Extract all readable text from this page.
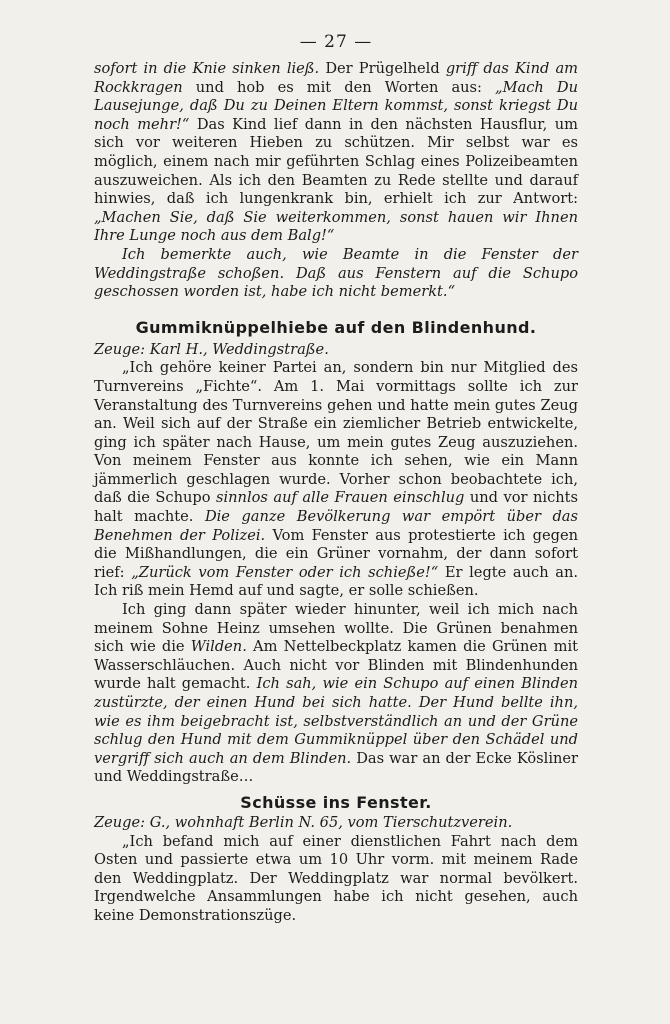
— 27 —

sofort in die Knie sinken ließ. Der Prügelheld griff das Kind am Rockkragen und hob es mit den Worten aus: „Mach Du Lausejunge, daß Du zu Deinen Eltern kommst, sonst kriegst Du noch mehr!“ Das Kind lief dann in den nächsten Hausflur, um sich vor weiteren Hieben zu schützen. Mir selbst war es möglich, einem nach mir geführten Schlag eines Polizeibeamten auszuweichen. Als ich den Beamten zu Rede stellte und darauf hinwies, daß ich lungenkrank bin, erhielt ich zur Antwort: „Machen Sie, daß Sie weiterkommen, sonst hauen wir Ihnen Ihre Lunge noch aus dem Balg!“

Ich bemerkte auch, wie Beamte in die Fenster der Weddingstraße schoßen. Daß aus Fenstern auf die Schupo geschossen worden ist, habe ich nicht bemerkt.“

Gummiknüppelhiebe auf den Blindenhund.

Zeuge: Karl H., Weddingstraße.

„Ich gehöre keiner Partei an, sondern bin nur Mitglied des Turnvereins „Fichte“. Am 1. Mai vormittags sollte ich zur Veranstaltung des Turnvereins gehen und hatte mein gutes Zeug an. Weil sich auf der Straße ein ziemlicher Betrieb entwickelte, ging ich später nach Hause, um mein gutes Zeug auszuziehen. Von meinem Fenster aus konnte ich sehen, wie ein Mann jämmerlich geschlagen wurde. Vorher schon beobachtete ich, daß die Schupo sinnlos auf alle Frauen einschlug und vor nichts halt machte. Die ganze Bevölkerung war empört über das Benehmen der Polizei. Vom Fenster aus protestierte ich gegen die Mißhandlungen, die ein Grüner vornahm, der dann sofort rief: „Zurück vom Fenster oder ich schieße!“ Er legte auch an. Ich riß mein Hemd auf und sagte, er solle schießen.

Ich ging dann später wieder hinunter, weil ich mich nach meinem Sohne Heinz umsehen wollte. Die Grünen benahmen sich wie die Wilden. Am Nettelbeckplatz kamen die Grünen mit Wasserschläuchen. Auch nicht vor Blinden mit Blindenhunden wurde halt gemacht. Ich sah, wie ein Schupo auf einen Blinden zustürzte, der einen Hund bei sich hatte. Der Hund bellte ihn, wie es ihm beigebracht ist, selbstverständlich an und der Grüne schlug den Hund mit dem Gummiknüppel über den Schädel und vergriff sich auch an dem Blinden. Das war an der Ecke Kösliner und Weddingstraße…

Schüsse ins Fenster.

Zeuge: G., wohnhaft Berlin N. 65, vom Tierschutzverein.

„Ich befand mich auf einer dienstlichen Fahrt nach dem Osten und passierte etwa um 10 Uhr vorm. mit meinem Rade den Weddingplatz. Der Weddingplatz war normal bevölkert. Irgendwelche Ansammlungen habe ich nicht gesehen, auch keine Demonstrationszüge.
